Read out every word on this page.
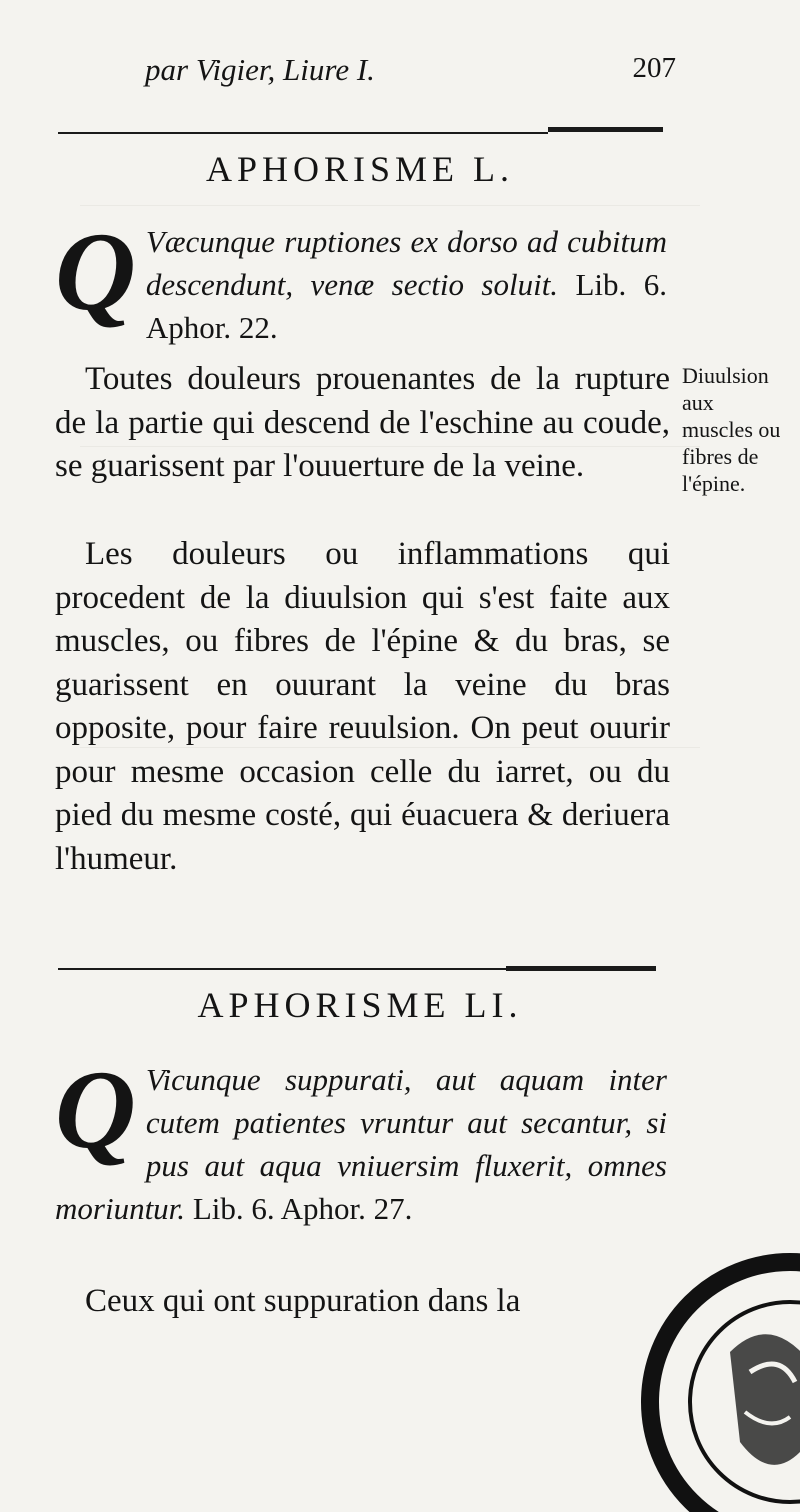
par Vigier, Liure I.	207
APHORISME L.
Q Væcunque ruptiones ex dorso ad cubitum descendunt, venæ sectio soluit. Lib. 6. Aphor. 22.
Toutes douleurs prouenantes de la rupture de la partie qui descend de l'eschine au coude, se guarissent par l'ouuerture de la veine.
Les douleurs ou inflammations qui procedent de la diuulsion qui s'est faite aux muscles, ou fibres de l'épine & du bras, se guarissent en ouurant la veine du bras opposite, pour faire reuulsion. On peut ouurir pour mesme occasion celle du iarret, ou du pied du mesme costé, qui éuacuera & deriuera l'humeur.
Diuulsion aux muscles ou fibres de l'épine.
APHORISME LI.
Q Vicunque suppurati, aut aquam inter cutem patientes vruntur aut secantur, si pus aut aqua vniuersim fluxerit, omnes moriuntur. Lib. 6. Aphor. 27.
Ceux qui ont suppuration dans la
